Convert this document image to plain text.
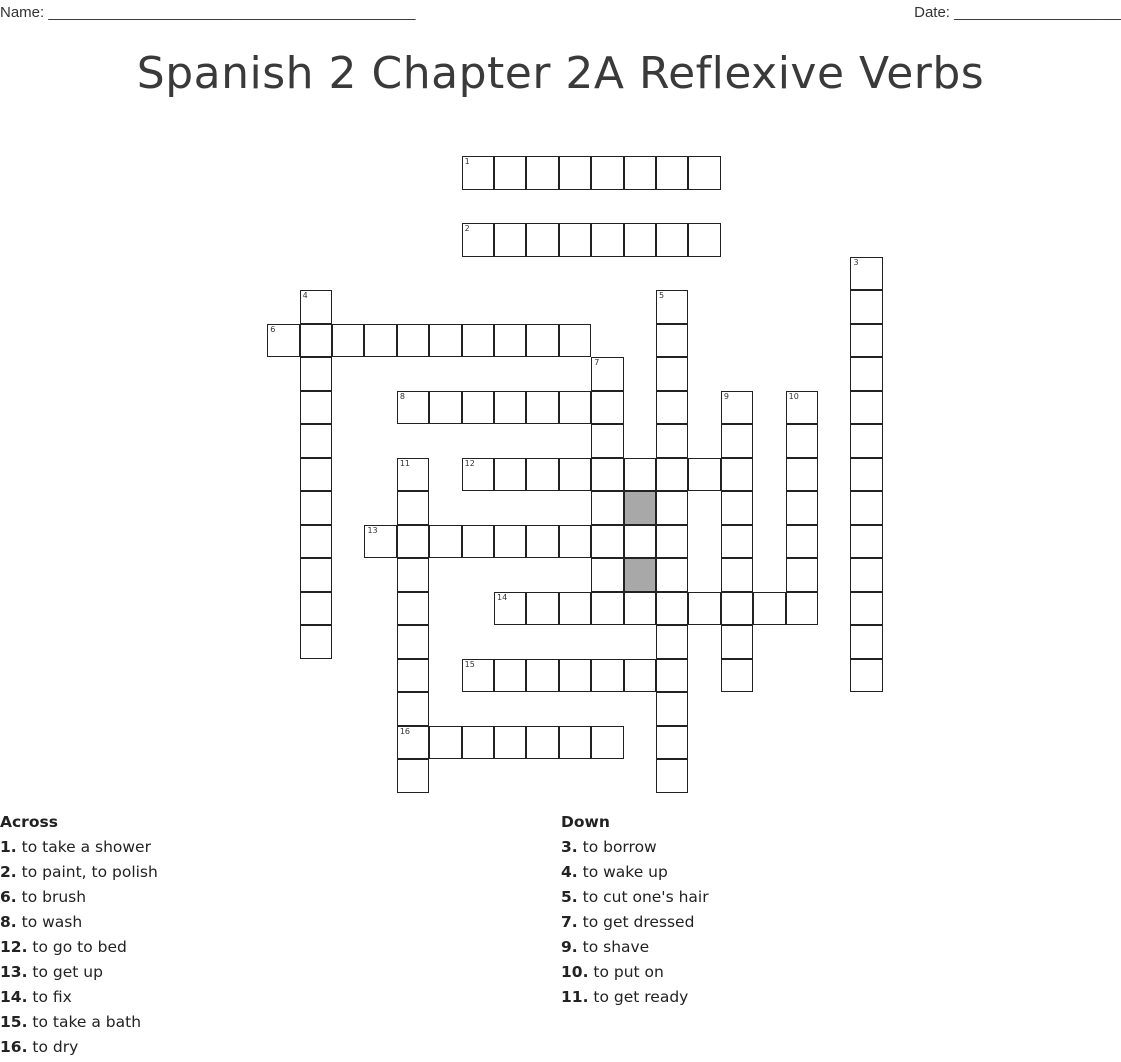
Name: ____________________________________________	Date: ____________________
Spanish 2 Chapter 2A Reflexive Verbs
1
2
3
4	5
6
7
8	9	10
11
16
12
13
14
15
Across
1. to take a shower
2. to paint, to polish
6. to brush
8. to wash
12. to go to bed
13. to get up
14. to fix
15. to take a bath
16. to dry
Down
3. to borrow
4. to wake up
5. to cut one's hair
7. to get dressed
9. to shave
10. to put on
11. to get ready
